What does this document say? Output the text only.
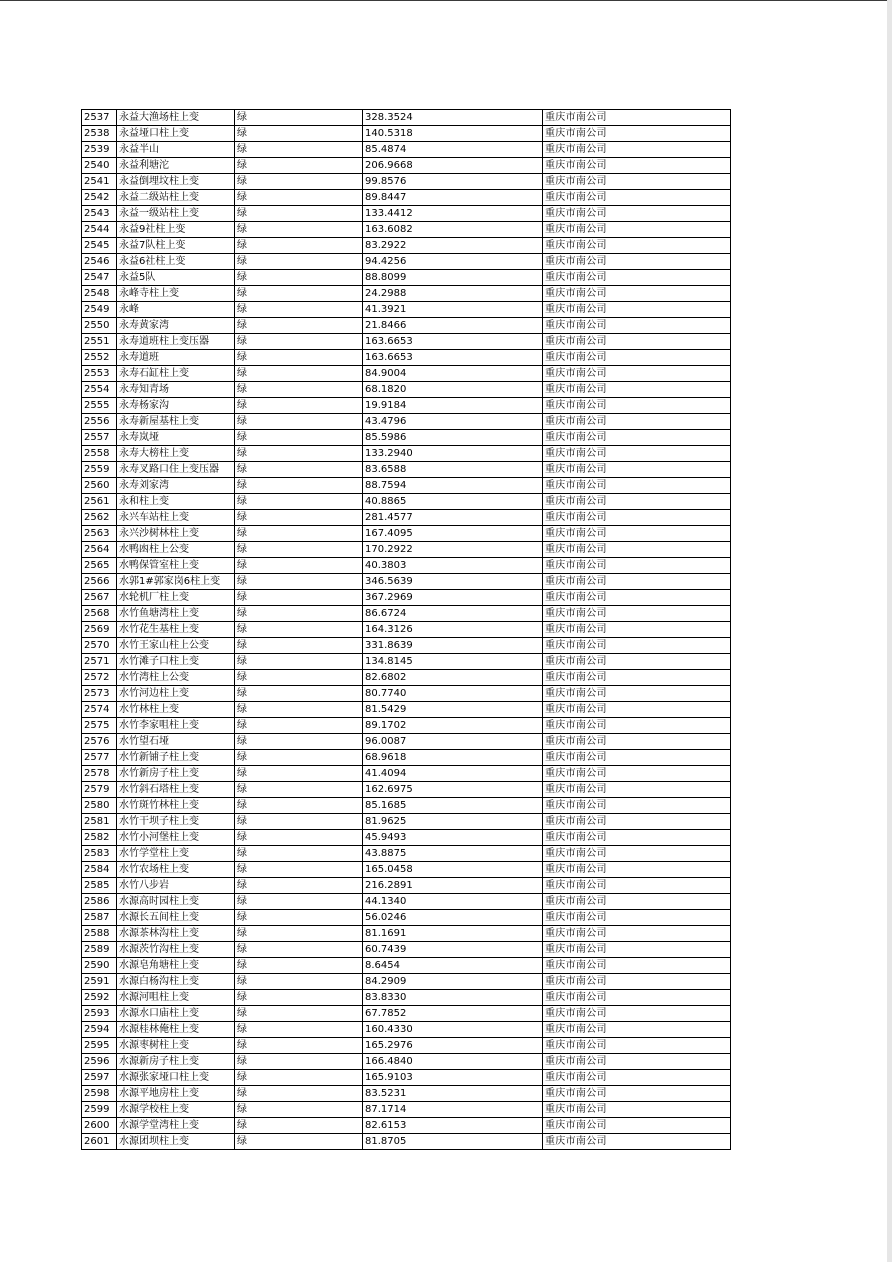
2537	永益大渔场柱上变	绿	328.3524	重庆市南公司
2538	永益垭口柱上变	绿	140.5318	重庆市南公司
2539	永益半山	绿	85.4874	重庆市南公司
2540	永益利塘沱	绿	206.9668	重庆市南公司
2541	永益倒埋坟柱上变	绿	99.8576	重庆市南公司
2542	永益二级站柱上变	绿	89.8447	重庆市南公司
2543	永益一级站柱上变	绿	133.4412	重庆市南公司
2544	永益9社柱上变	绿	163.6082	重庆市南公司
2545	永益7队柱上变	绿	83.2922	重庆市南公司
2546	永益6社柱上变	绿	94.4256	重庆市南公司
2547	永益5队	绿	88.8099	重庆市南公司
2548	永峰寺柱上变	绿	24.2988	重庆市南公司
2549	永峰	绿	41.3921	重庆市南公司
2550	永寿黄家湾	绿	21.8466	重庆市南公司
2551	永寿道班柱上变压器	绿	163.6653	重庆市南公司
2552	永寿道班	绿	163.6653	重庆市南公司
2553	永寿石缸柱上变	绿	84.9004	重庆市南公司
2554	永寿知青场	绿	68.1820	重庆市南公司
2555	永寿杨家沟	绿	19.9184	重庆市南公司
2556	永寿新屋基柱上变	绿	43.4796	重庆市南公司
2557	永寿岚垭	绿	85.5986	重庆市南公司
2558	永寿大榜柱上变	绿	133.2940	重庆市南公司
2559	永寿叉路口住上变压器	绿	83.6588	重庆市南公司
2560	永寿刘家湾	绿	88.7594	重庆市南公司
2561	永和柱上变	绿	40.8865	重庆市南公司
2562	永兴车站柱上变	绿	281.4577	重庆市南公司
2563	永兴沙树林柱上变	绿	167.4095	重庆市南公司
2564	水鸭凼柱上公变	绿	170.2922	重庆市南公司
2565	水鸭保管室柱上变	绿	40.3803	重庆市南公司
2566	水郭1#郭家岗6柱上变	绿	346.5639	重庆市南公司
2567	水轮机厂柱上变	绿	367.2969	重庆市南公司
2568	水竹鱼塘湾柱上变	绿	86.6724	重庆市南公司
2569	水竹花生基柱上变	绿	164.3126	重庆市南公司
2570	水竹王家山柱上公变	绿	331.8639	重庆市南公司
2571	水竹滩子口柱上变	绿	134.8145	重庆市南公司
2572	水竹湾柱上公变	绿	82.6802	重庆市南公司
2573	水竹河边柱上变	绿	80.7740	重庆市南公司
2574	水竹林柱上变	绿	81.5429	重庆市南公司
2575	水竹李家咀柱上变	绿	89.1702	重庆市南公司
2576	水竹望石垭	绿	96.0087	重庆市南公司
2577	水竹新铺子柱上变	绿	68.9618	重庆市南公司
2578	水竹新房子柱上变	绿	41.4094	重庆市南公司
2579	水竹斜石塔柱上变	绿	162.6975	重庆市南公司
2580	水竹斑竹林柱上变	绿	85.1685	重庆市南公司
2581	水竹干坝子柱上变	绿	81.9625	重庆市南公司
2582	水竹小河堡柱上变	绿	45.9493	重庆市南公司
2583	水竹学堂柱上变	绿	43.8875	重庆市南公司
2584	水竹农场柱上变	绿	165.0458	重庆市南公司
2585	水竹八步岩	绿	216.2891	重庆市南公司
2586	水源高时园柱上变	绿	44.1340	重庆市南公司
2587	水源长五间柱上变	绿	56.0246	重庆市南公司
2588	水源茶林沟柱上变	绿	81.1691	重庆市南公司
2589	水源茨竹沟柱上变	绿	60.7439	重庆市南公司
2590	水源皂角塘柱上变	绿	8.6454	重庆市南公司
2591	水源白杨沟柱上变	绿	84.2909	重庆市南公司
2592	水源河咀柱上变	绿	83.8330	重庆市南公司
2593	水源水口庙柱上变	绿	67.7852	重庆市南公司
2594	水源桂林俺柱上变	绿	160.4330	重庆市南公司
2595	水源枣树柱上变	绿	165.2976	重庆市南公司
2596	水源新房子柱上变	绿	166.4840	重庆市南公司
2597	水源张家垭口柱上变	绿	165.9103	重庆市南公司
2598	水源平地房柱上变	绿	83.5231	重庆市南公司
2599	水源学校柱上变	绿	87.1714	重庆市南公司
2600	水源学堂湾柱上变	绿	82.6153	重庆市南公司
2601	水源团坝柱上变	绿	81.8705	重庆市南公司
